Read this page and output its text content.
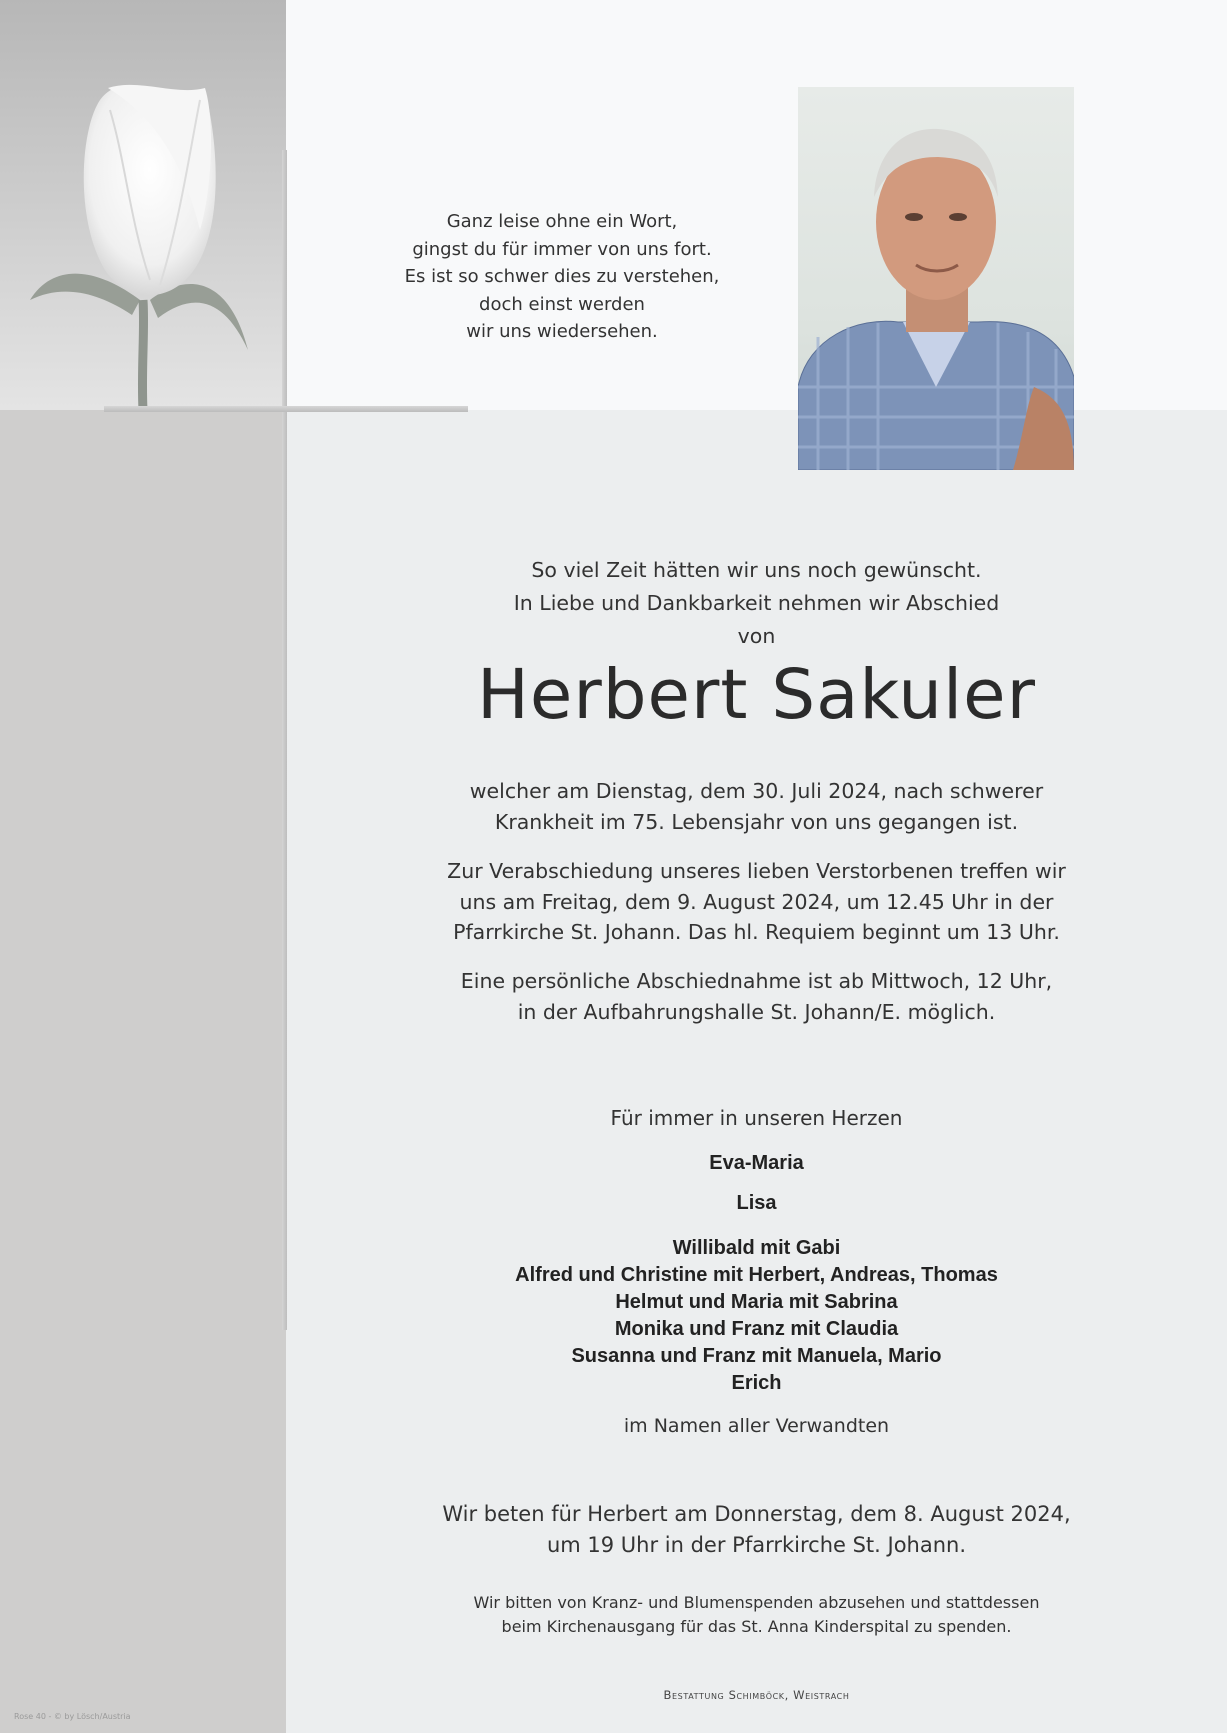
Ganz leise ohne ein Wort,
gingst du für immer von uns fort.
Es ist so schwer dies zu verstehen,
doch einst werden
wir uns wiedersehen.
So viel Zeit hätten wir uns noch gewünscht.
In Liebe und Dankbarkeit nehmen wir Abschied
von
Herbert Sakuler
welcher am Dienstag, dem 30. Juli 2024, nach schwerer
Krankheit im 75. Lebensjahr von uns gegangen ist.
Zur Verabschiedung unseres lieben Verstorbenen treffen wir
uns am Freitag, dem 9. August 2024, um 12.45 Uhr in der
Pfarrkirche St. Johann. Das hl. Requiem beginnt um 13 Uhr.
Eine persönliche Abschiednahme ist ab Mittwoch, 12 Uhr,
in der Aufbahrungshalle St. Johann/E. möglich.
Für immer in unseren Herzen
Eva-Maria
Lisa
Willibald mit Gabi
Alfred und Christine mit Herbert, Andreas, Thomas
Helmut und Maria mit Sabrina
Monika und Franz mit Claudia
Susanna und Franz mit Manuela, Mario
Erich
im Namen aller Verwandten
Wir beten für Herbert am Donnerstag, dem 8. August 2024,
um 19 Uhr in der Pfarrkirche St. Johann.
Wir bitten von Kranz- und Blumenspenden abzusehen und stattdessen
beim Kirchenausgang für das St. Anna Kinderspital zu spenden.
Bestattung Schimböck, Weistrach
Rose 40 - © by Lösch/Austria
